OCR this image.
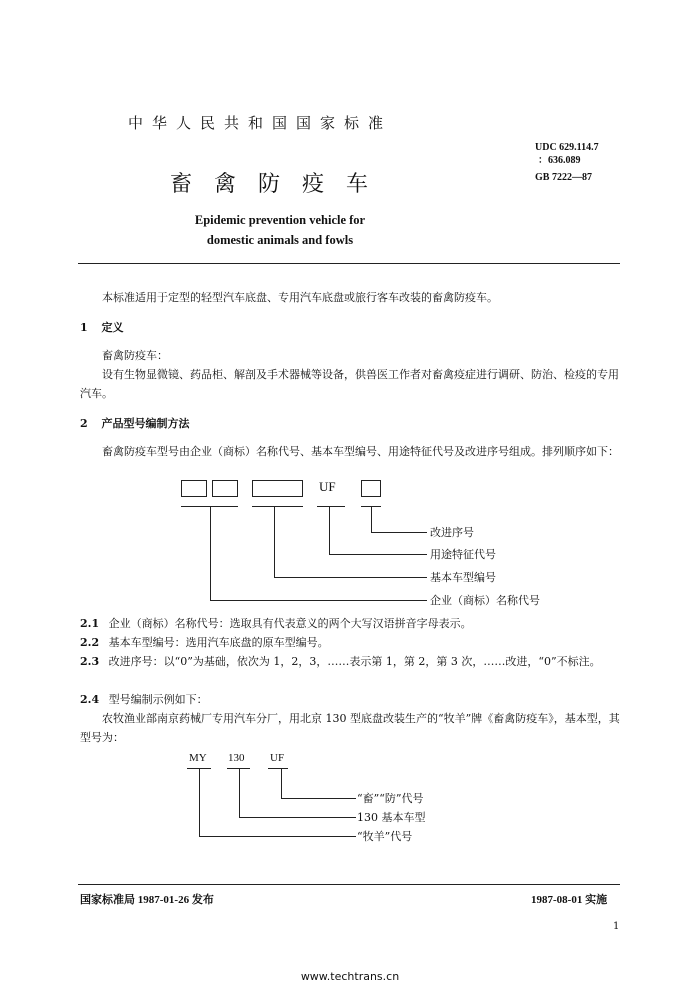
中华人民共和国国家标准
UDC 629.114.7
：636.089
GB 7222—87
畜禽防疫车
Epidemic prevention vehicle for
domestic animals and fowls
本标准适用于定型的轻型汽车底盘、专用汽车底盘或旅行客车改装的畜禽防疫车。
1 定义
畜禽防疫车：
设有生物显微镜、药品柜、解剖及手术器械等设备，供兽医工作者对畜禽疫症进行调研、防治、检疫的专用汽车。
2 产品型号编制方法
畜禽防疫车型号由企业（商标）名称代号、基本车型编号、用途特征代号及改进序号组成。排列顺序如下：
UF
改进序号
用途特征代号
基本车型编号
企业（商标）名称代号
2.1 企业（商标）名称代号：选取具有代表意义的两个大写汉语拼音字母表示。
2.2 基本车型编号：选用汽车底盘的原车型编号。
2.3 改进序号：以“0”为基础，依次为 1，2，3，……表示第 1，第 2，第 3 次，……改进，“0”不标注。
2.4 型号编制示例如下：
农牧渔业部南京药械厂专用汽车分厂，用北京 130 型底盘改装生产的“牧羊”牌《畜禽防疫车》，基本型，其型号为：
MY 130 UF
“畜”“防”代号
130 基本车型
“牧羊”代号
国家标准局 1987-01-26 发布	1987-08-01 实施
1
www.techtrans.cn
